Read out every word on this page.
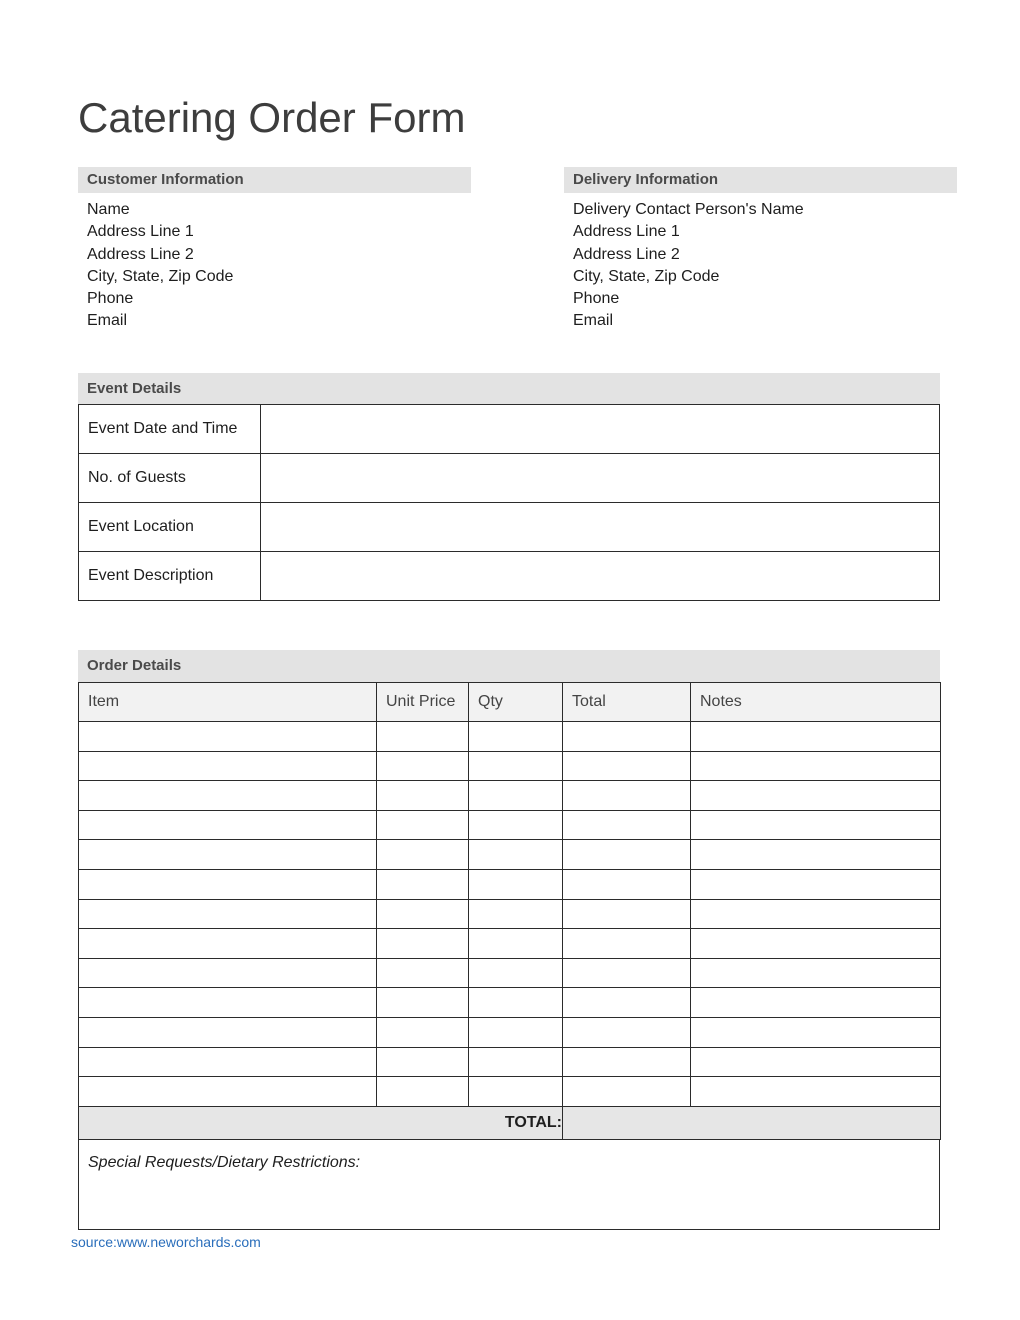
Catering Order Form
Customer Information
Name
Address Line 1
Address Line 2
City, State, Zip Code
Phone
Email
Delivery Information
Delivery Contact Person's Name
Address Line 1
Address Line 2
City, State, Zip Code
Phone
Email
Event Details
Event Date and Time	
No. of Guests	
Event Location	
Event Description	
Order Details
Item	Unit Price	Qty	Total	Notes

TOTAL:				
Special Requests/Dietary Restrictions:
source:www.neworchards.com
